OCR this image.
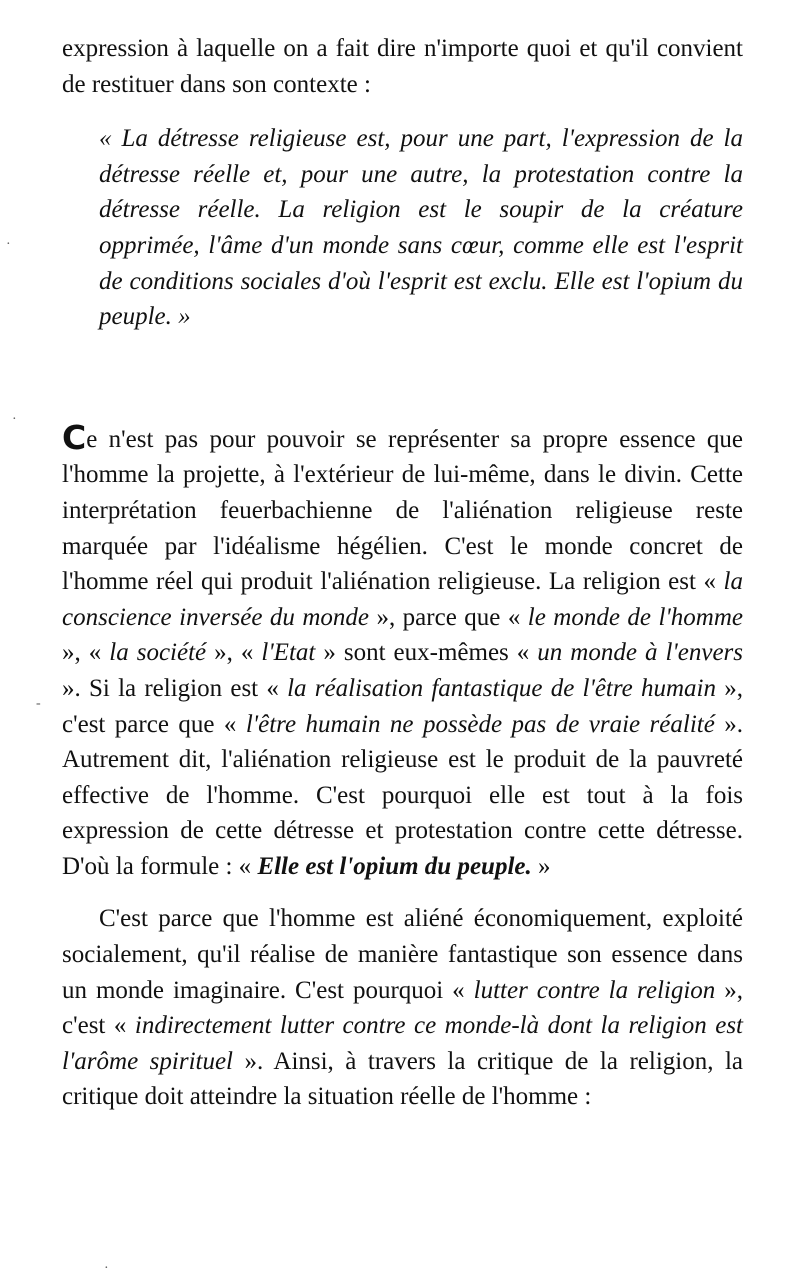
·
·
-
·

expression à laquelle on a fait dire n'importe quoi et qu'il convient de restituer dans son contexte :

« La détresse religieuse est, pour une part, l'expression de la détresse réelle et, pour une autre, la protestation contre la détresse réelle. La religion est le soupir de la créature opprimée, l'âme d'un monde sans cœur, comme elle est l'esprit de conditions sociales d'où l'esprit est exclu. Elle est l'opium du peuple. »

Ce n'est pas pour pouvoir se représenter sa propre essence que l'homme la projette, à l'extérieur de lui-même, dans le divin. Cette interprétation feuerbachienne de l'aliénation religieuse reste marquée par l'idéalisme hégélien. C'est le monde concret de l'homme réel qui produit l'aliénation religieuse. La religion est « la conscience inversée du monde », parce que « le monde de l'homme », « la société », « l'Etat » sont eux-mêmes « un monde à l'envers ». Si la religion est « la réalisation fantastique de l'être humain », c'est parce que « l'être humain ne possède pas de vraie réalité ». Autrement dit, l'aliénation religieuse est le produit de la pauvreté effective de l'homme. C'est pourquoi elle est tout à la fois expression de cette détresse et protestation contre cette détresse. D'où la formule : « Elle est l'opium du peuple. »

C'est parce que l'homme est aliéné économiquement, exploité socialement, qu'il réalise de manière fantastique son essence dans un monde imaginaire. C'est pourquoi « lutter contre la religion », c'est « indirectement lutter contre ce monde-là dont la religion est l'arôme spirituel ». Ainsi, à travers la critique de la religion, la critique doit atteindre la situation réelle de l'homme :
